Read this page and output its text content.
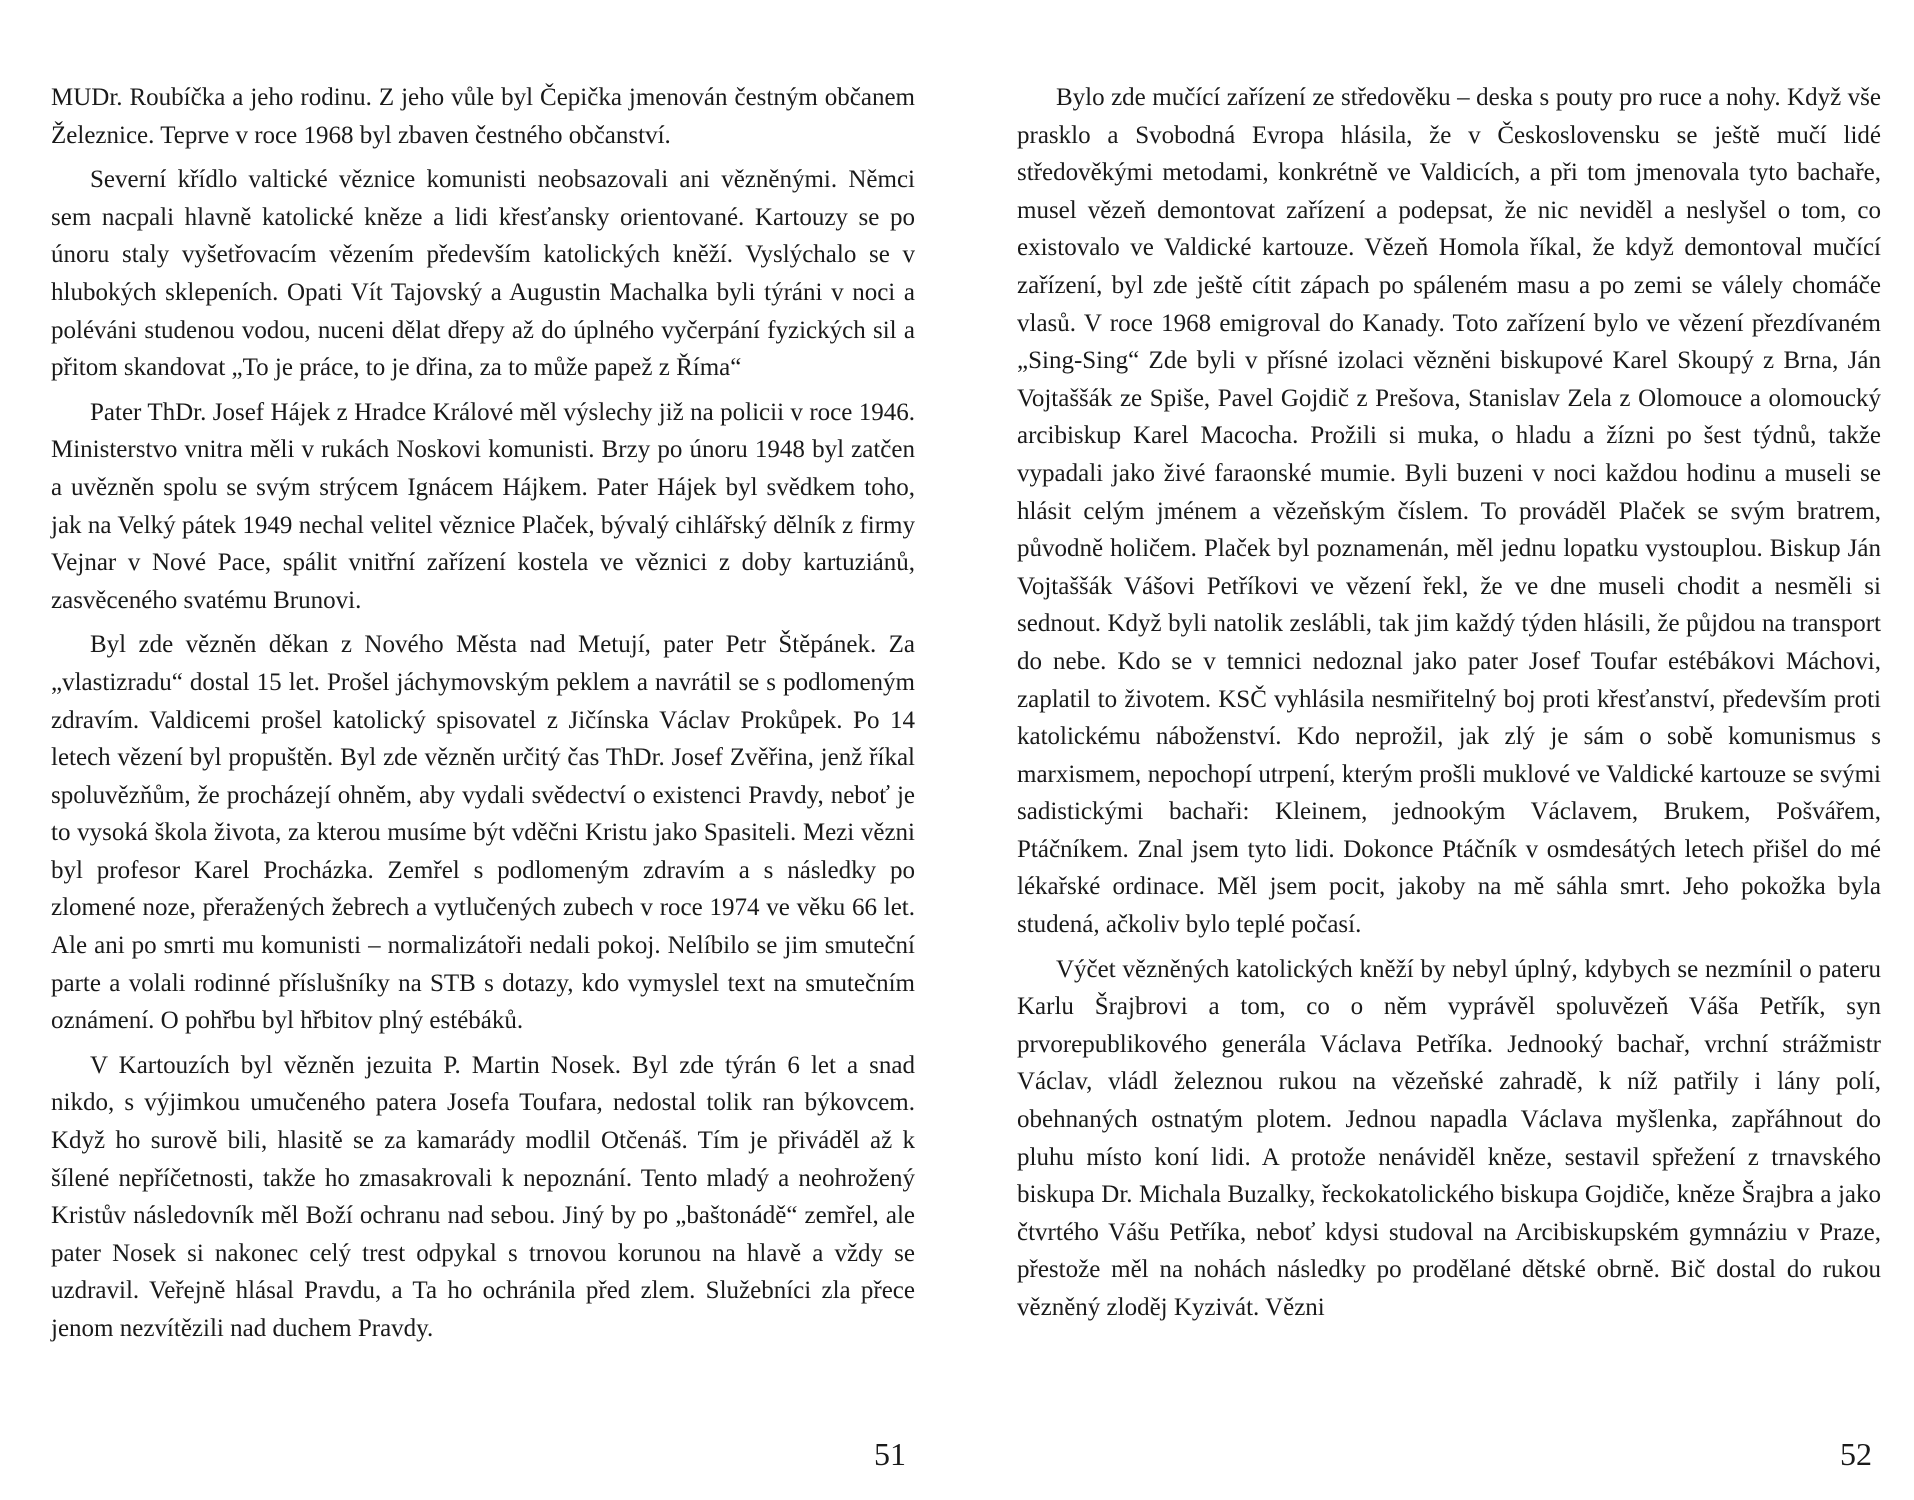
MUDr. Roubíčka a jeho rodinu. Z jeho vůle byl Čepička jmenován čestným občanem Železnice. Teprve v roce 1968 byl zbaven čestného občanství.

Severní křídlo valtické věznice komunisti neobsazovali ani vězněnými. Němci sem nacpali hlavně katolické kněze a lidi křesťansky orientované. Kartouzy se po únoru staly vyšetřovacím vězením především katolických kněží. Vyslýchalo se v hlubokých sklepeních. Opati Vít Tajovský a Augustin Machalka byli týráni v noci a poléváni studenou vodou, nuceni dělat dřepy až do úplného vyčerpání fyzických sil a přitom skandovat „To je práce, to je dřina, za to může papež z Říma“

Pater ThDr. Josef Hájek z Hradce Králové měl výslechy již na policii v roce 1946. Ministerstvo vnitra měli v rukách Noskovi komunisti. Brzy po únoru 1948 byl zatčen a uvězněn spolu se svým strýcem Ignácem Hájkem. Pater Hájek byl svědkem toho, jak na Velký pátek 1949 nechal velitel věznice Plaček, bývalý cihlářský dělník z firmy Vejnar v Nové Pace, spálit vnitřní zařízení kostela ve věznici z doby kartuziánů, zasvěceného svatému Brunovi.

Byl zde vězněn děkan z Nového Města nad Metují, pater Petr Štěpánek. Za „vlastizradu“ dostal 15 let. Prošel jáchymovským peklem a navrátil se s podlomeným zdravím. Valdicemi prošel katolický spisovatel z Jičínska Václav Prokůpek. Po 14 letech vězení byl propuštěn. Byl zde vězněn určitý čas ThDr. Josef Zvěřina, jenž říkal spoluvězňům, že procházejí ohněm, aby vydali svědectví o existenci Pravdy, neboť je to vysoká škola života, za kterou musíme být vděčni Kristu jako Spasiteli. Mezi vězni byl profesor Karel Procházka. Zemřel s podlomeným zdravím a s následky po zlomené noze, přeražených žebrech a vytlučených zubech v roce 1974 ve věku 66 let. Ale ani po smrti mu komunisti – normalizátoři nedali pokoj. Nelíbilo se jim smuteční parte a volali rodinné příslušníky na STB s dotazy, kdo vymyslel text na smutečním oznámení. O pohřbu byl hřbitov plný estébáků.

V Kartouzích byl vězněn jezuita P. Martin Nosek. Byl zde týrán 6 let a snad nikdo, s výjimkou umučeného patera Josefa Toufara, nedostal tolik ran býkovcem. Když ho surově bili, hlasitě se za kamarády modlil Otčenáš. Tím je přiváděl až k šílené nepříčetnosti, takže ho zmasakrovali k nepoznání. Tento mladý a neohrožený Kristův následovník měl Boží ochranu nad sebou. Jiný by po „baštonádě“ zemřel, ale pater Nosek si nakonec celý trest odpykal s trnovou korunou na hlavě a vždy se uzdravil. Veřejně hlásal Pravdu, a Ta ho ochránila před zlem. Služebníci zla přece jenom nezvítězili nad duchem Pravdy.

51

Bylo zde mučící zařízení ze středověku – deska s pouty pro ruce a nohy. Když vše prasklo a Svobodná Evropa hlásila, že v Československu se ještě mučí lidé středověkými metodami, konkrétně ve Valdicích, a při tom jmenovala tyto bachaře, musel vězeň demontovat zařízení a podepsat, že nic neviděl a neslyšel o tom, co existovalo ve Valdické kartouze. Vězeň Homola říkal, že když demontoval mučící zařízení, byl zde ještě cítit zápach po spáleném masu a po zemi se válely chomáče vlasů. V roce 1968 emigroval do Kanady. Toto zařízení bylo ve vězení přezdívaném „Sing-Sing“ Zde byli v přísné izolaci vězněni biskupové Karel Skoupý z Brna, Ján Vojtaššák ze Spiše, Pavel Gojdič z Prešova, Stanislav Zela z Olomouce a olomoucký arcibiskup Karel Macocha. Prožili si muka, o hladu a žízni po šest týdnů, takže vypadali jako živé faraonské mumie. Byli buzeni v noci každou hodinu a museli se hlásit celým jménem a vězeňským číslem. To prováděl Plaček se svým bratrem, původně holičem. Plaček byl poznamenán, měl jednu lopatku vystouplou. Biskup Ján Vojtaššák Vášovi Petříkovi ve vězení řekl, že ve dne museli chodit a nesměli si sednout. Když byli natolik zeslábli, tak jim každý týden hlásili, že půjdou na transport do nebe. Kdo se v temnici nedoznal jako pater Josef Toufar estébákovi Máchovi, zaplatil to životem. KSČ vyhlásila nesmiřitelný boj proti křesťanství, především proti katolickému náboženství. Kdo neprožil, jak zlý je sám o sobě komunismus s marxismem, nepochopí utrpení, kterým prošli muklové ve Valdické kartouze se svými sadistickými bachaři: Kleinem, jednookým Václavem, Brukem, Pošvářem, Ptáčníkem. Znal jsem tyto lidi. Dokonce Ptáčník v osmdesátých letech přišel do mé lékařské ordinace. Měl jsem pocit, jakoby na mě sáhla smrt. Jeho pokožka byla studená, ačkoliv bylo teplé počasí.

Výčet vězněných katolických kněží by nebyl úplný, kdybych se nezmínil o pateru Karlu Šrajbrovi a tom, co o něm vyprávěl spoluvězeň Váša Petřík, syn prvorepublikového generála Václava Petříka. Jednooký bachař, vrchní strážmistr Václav, vládl železnou rukou na vězeňské zahradě, k níž patřily i lány polí, obehnaných ostnatým plotem. Jednou napadla Václava myšlenka, zapřáhnout do pluhu místo koní lidi. A protože nenáviděl kněze, sestavil spřežení z trnavského biskupa Dr. Michala Buzalky, řeckokatolického biskupa Gojdiče, kněze Šrajbra a jako čtvrtého Vášu Petříka, neboť kdysi studoval na Arcibiskupském gymnáziu v Praze, přestože měl na nohách následky po prodělané dětské obrně. Bič dostal do rukou vězněný zloděj Kyzivát. Vězni

52
